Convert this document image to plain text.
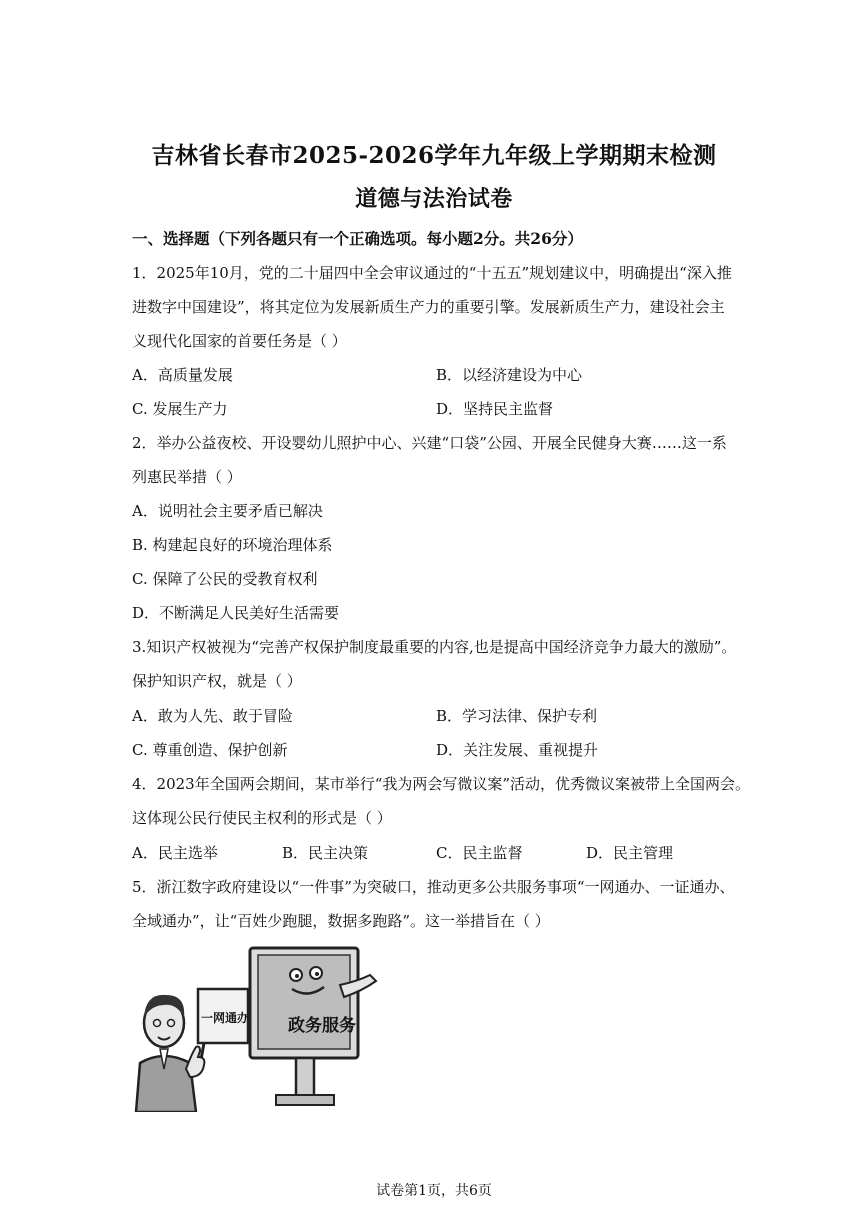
吉林省长春市2025-2026学年九年级上学期期末检测
道德与法治试卷
一、选择题（下列各题只有一个正确选项。每小题2分。共26分）
1．2025年10月，党的二十届四中全会审议通过的“十五五”规划建议中，明确提出“深入推
进数字中国建设”，将其定位为发展新质生产力的重要引擎。发展新质生产力，建设社会主
义现代化国家的首要任务是（ ）
A．高质量发展	B．以经济建设为中心
C. 发展生产力	D．坚持民主监督
2．举办公益夜校、开设婴幼儿照护中心、兴建“口袋”公园、开展全民健身大赛……这一系
列惠民举措（ ）
A．说明社会主要矛盾已解决
B. 构建起良好的环境治理体系
C. 保障了公民的受教育权利
D．不断满足人民美好生活需要
3.知识产权被视为“完善产权保护制度最重要的内容,也是提高中国经济竞争力最大的激励”。
保护知识产权，就是（ ）
A．敢为人先、敢于冒险	B．学习法律、保护专利
C. 尊重创造、保护创新	D．关注发展、重视提升
4．2023年全国两会期间，某市举行“我为两会写微议案”活动，优秀微议案被带上全国两会。
这体现公民行使民主权利的形式是（ ）
A．民主选举	B．民主决策	C．民主监督	D．民主管理
5．浙江数字政府建设以“一件事”为突破口，推动更多公共服务事项“一网通办、一证通办、
全域通办”，让“百姓少跑腿，数据多跑路”。这一举措旨在（ ）
政务服务
一网通办
试卷第1页，共6页
